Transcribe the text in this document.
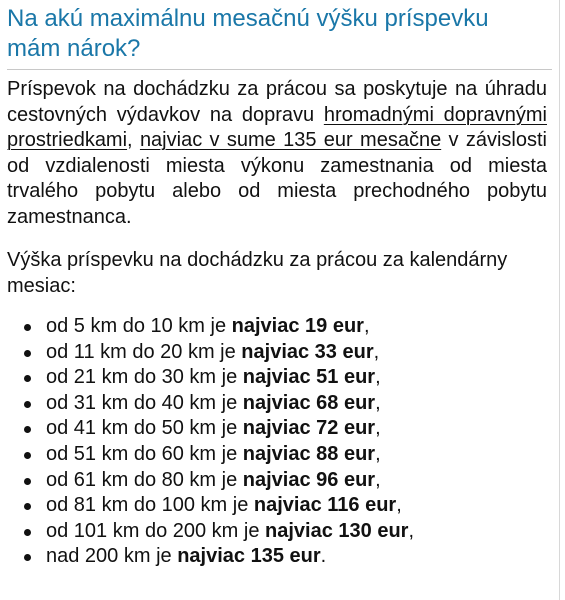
Na akú maximálnu mesačnú výšku príspevku mám nárok?

Príspevok na dochádzku za prácou sa poskytuje na úhradu cestovných výdavkov na dopravu hromadnými dopravnými prostriedkami, najviac v sume 135 eur mesačne v závislosti od vzdialenosti miesta výkonu zamestnania od miesta trvalého pobytu alebo od miesta prechodného pobytu zamestnanca.

Výška príspevku na dochádzku za prácou za kalendárny mesiac:

od 5 km do 10 km je najviac 19 eur,
od 11 km do 20 km je najviac 33 eur,
od 21 km do 30 km je najviac 51 eur,
od 31 km do 40 km je najviac 68 eur,
od 41 km do 50 km je najviac 72 eur,
od 51 km do 60 km je najviac 88 eur,
od 61 km do 80 km je najviac 96 eur,
od 81 km do 100 km je najviac 116 eur,
od 101 km do 200 km je najviac 130 eur,
nad 200 km je najviac 135 eur.
